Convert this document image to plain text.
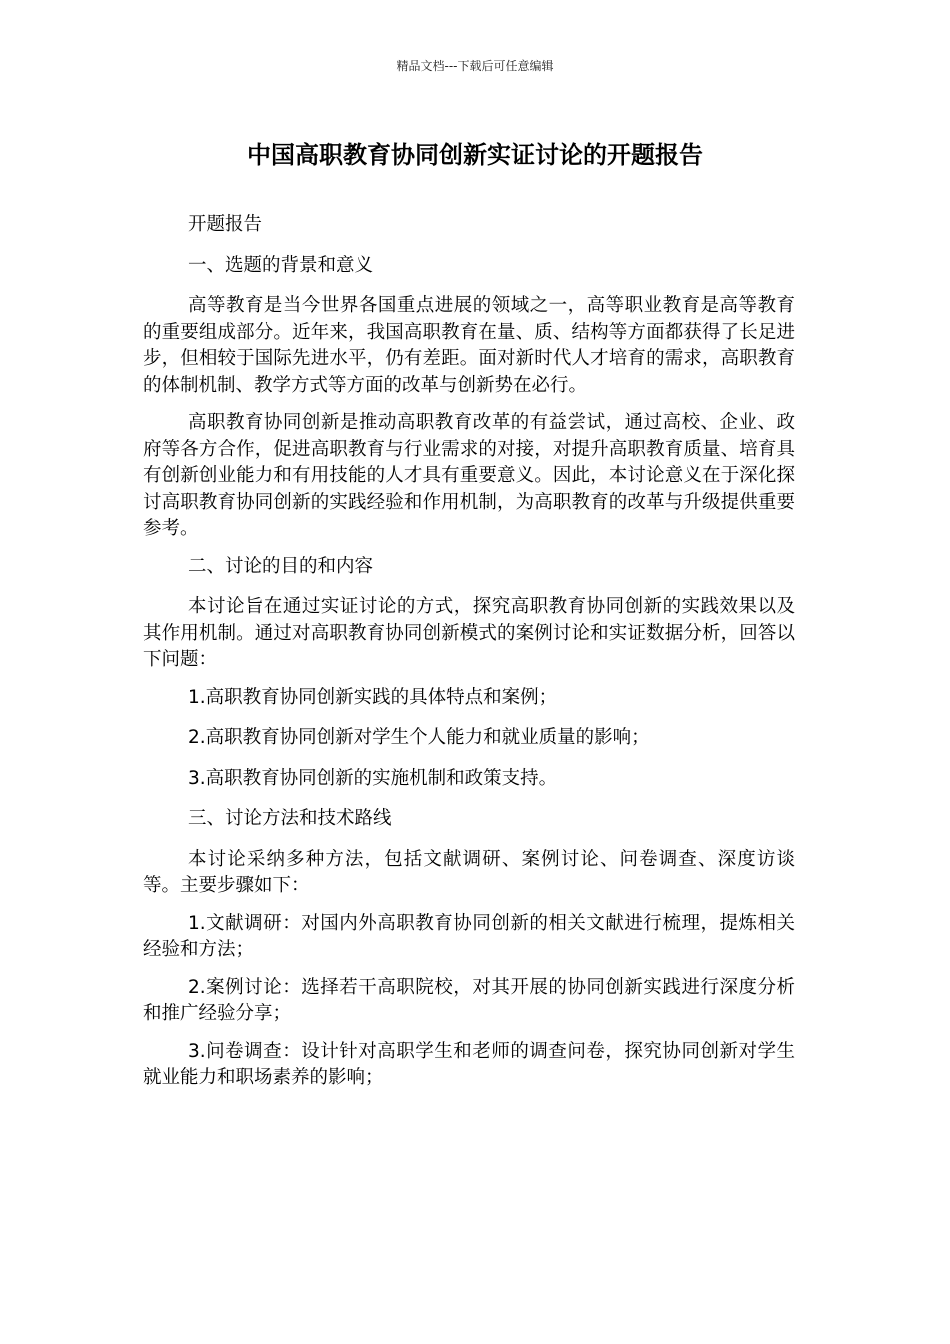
精品文档---下载后可任意编辑
中国高职教育协同创新实证讨论的开题报告

开题报告

一、选题的背景和意义

高等教育是当今世界各国重点进展的领域之一，高等职业教育是高等教育的重要组成部分。近年来，我国高职教育在量、质、结构等方面都获得了长足进步，但相较于国际先进水平，仍有差距。面对新时代人才培育的需求，高职教育的体制机制、教学方式等方面的改革与创新势在必行。

高职教育协同创新是推动高职教育改革的有益尝试，通过高校、企业、政府等各方合作，促进高职教育与行业需求的对接，对提升高职教育质量、培育具有创新创业能力和有用技能的人才具有重要意义。因此，本讨论意义在于深化探讨高职教育协同创新的实践经验和作用机制，为高职教育的改革与升级提供重要参考。

二、讨论的目的和内容

本讨论旨在通过实证讨论的方式，探究高职教育协同创新的实践效果以及其作用机制。通过对高职教育协同创新模式的案例讨论和实证数据分析，回答以下问题：

1.高职教育协同创新实践的具体特点和案例；

2.高职教育协同创新对学生个人能力和就业质量的影响；

3.高职教育协同创新的实施机制和政策支持。

三、讨论方法和技术路线

本讨论采纳多种方法，包括文献调研、案例讨论、问卷调查、深度访谈等。主要步骤如下：

1.文献调研：对国内外高职教育协同创新的相关文献进行梳理，提炼相关经验和方法；

2.案例讨论：选择若干高职院校，对其开展的协同创新实践进行深度分析和推广经验分享；

3.问卷调查：设计针对高职学生和老师的调查问卷，探究协同创新对学生就业能力和职场素养的影响；
